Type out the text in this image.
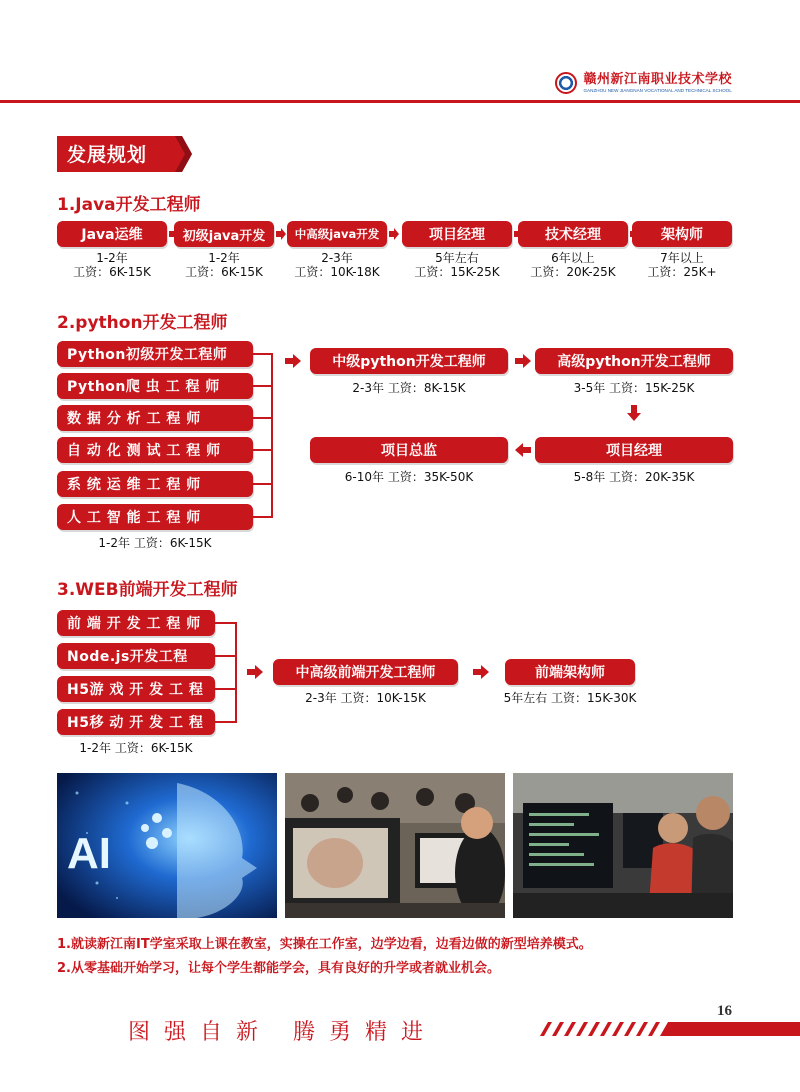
赣州新江南职业技术学校
GANZHOU NEW JIANGNAN VOCATIONAL AND TECHNICAL SCHOOL
发展规划
1.Java开发工程师
Java运维
1-2年
工资：6K-15K
初级java开发
1-2年
工资：6K-15K
中高级java开发
2-3年
工资：10K-18K
项目经理
5年左右
工资：15K-25K
技术经理
6年以上
工资：20K-25K
架构师
7年以上
工资：25K+
2.python开发工程师
Python初级开发工程师
Python爬 虫 工 程 师
数 据 分 析 工 程 师
自 动 化 测 试 工 程 师
系 统 运 维 工 程 师
人 工 智 能 工 程 师
1-2年 工资：6K-15K
中级python开发工程师
2-3年 工资：8K-15K
高级python开发工程师
3-5年 工资：15K-25K
项目经理
5-8年 工资：20K-35K
项目总监
6-10年 工资：35K-50K
3.WEB前端开发工程师
前 端 开 发 工 程 师
Node.js开发工程
H5游 戏 开 发 工 程
H5移 动 开 发 工 程
1-2年 工资：6K-15K
中高级前端开发工程师
2-3年 工资：10K-15K
前端架构师
5年左右 工资：15K-30K
AI
1.就读新江南IT学室采取上课在教室，实操在工作室，边学边看，边看边做的新型培养模式。
2.从零基础开始学习，让每个学生都能学会，具有良好的升学或者就业机会。
16
图强自新 腾勇精进
